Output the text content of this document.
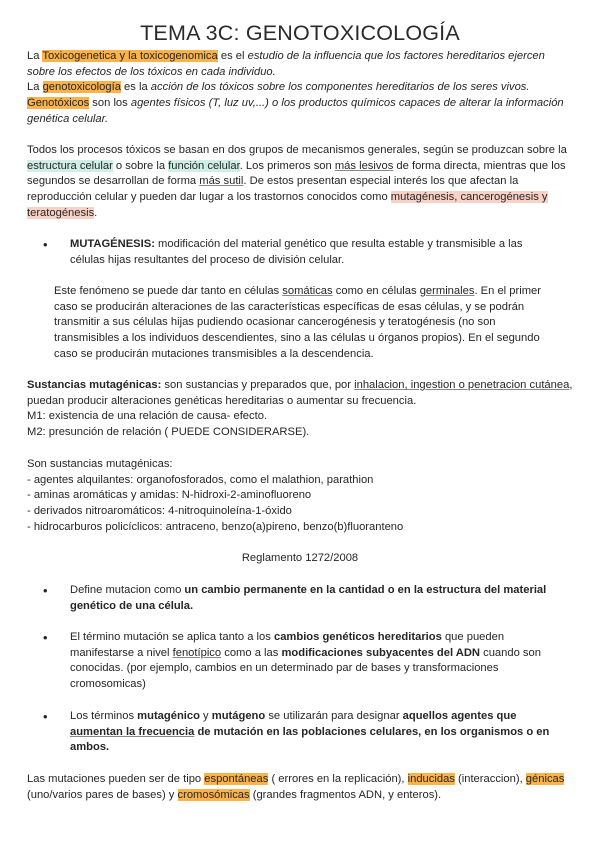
TEMA 3C: GENOTOXICOLOGÍA

La Toxicogenetica y la toxicogenomica es el estudio de la influencia que los factores hereditarios ejercen sobre los efectos de los tóxicos en cada individuo.

La genotoxicología es la acción de los tóxicos sobre los componentes hereditarios de los seres vivos.

Genotóxicos son los agentes físicos (T, luz uv,...) o los productos químicos capaces de alterar la información genética celular.

Todos los procesos tóxicos se basan en dos grupos de mecanismos generales, según se produzcan sobre la estructura celular o sobre la función celular. Los primeros son más lesivos de forma directa, mientras que los segundos se desarrollan de forma más sutil. De estos presentan especial interés los que afectan la reproducción celular y pueden dar lugar a los trastornos conocidos como mutagénesis, cancerogénesis y teratogénesis.

• MUTAGÉNESIS: modificación del material genético que resulta estable y transmisible a las células hijas resultantes del proceso de división celular.

Este fenómeno se puede dar tanto en células somáticas como en células germinales. En el primer caso se producirán alteraciones de las características específicas de esas células, y se podrán transmitir a sus células hijas pudiendo ocasionar cancerogénesis y teratogénesis (no son transmisibles a los individuos descendientes, sino a las células u órganos propios). En el segundo caso se producirán mutaciones transmisibles a la descendencia.

Sustancias mutagénicas: son sustancias y preparados que, por inhalacion, ingestion o penetracion cutánea, puedan producir alteraciones genéticas hereditarias o aumentar su frecuencia.

M1: existencia de una relación de causa- efecto.

M2: presunción de relación ( PUEDE CONSIDERARSE).

Son sustancias mutagénicas:

- agentes alquilantes: organofosforados, como el malathion, parathion

- aminas aromáticas y amidas: N-hidroxi-2-aminofluoreno

- derivados nitroaromáticos: 4-nitroquinoleína-1-óxido

- hidrocarburos policíclicos: antraceno, benzo(a)pireno, benzo(b)fluoranteno

Reglamento 1272/2008
• Define mutacion como un cambio permanente en la cantidad o en la estructura del material genético de una célula.

• El término mutación se aplica tanto a los cambios genéticos hereditarios que pueden manifestarse a nivel fenotípico como a las modificaciones subyacentes del ADN cuando son conocidas. (por ejemplo, cambios en un determinado par de bases y transformaciones cromosomicas)

• Los términos mutagénico y mutágeno se utilizarán para designar aquellos agentes que aumentan la frecuencia de mutación en las poblaciones celulares, en los organismos o en ambos.

Las mutaciones pueden ser de tipo espontáneas ( errores en la replicación), inducidas (interaccion), génicas (uno/varios pares de bases) y cromosómicas (grandes fragmentos ADN, y enteros).
